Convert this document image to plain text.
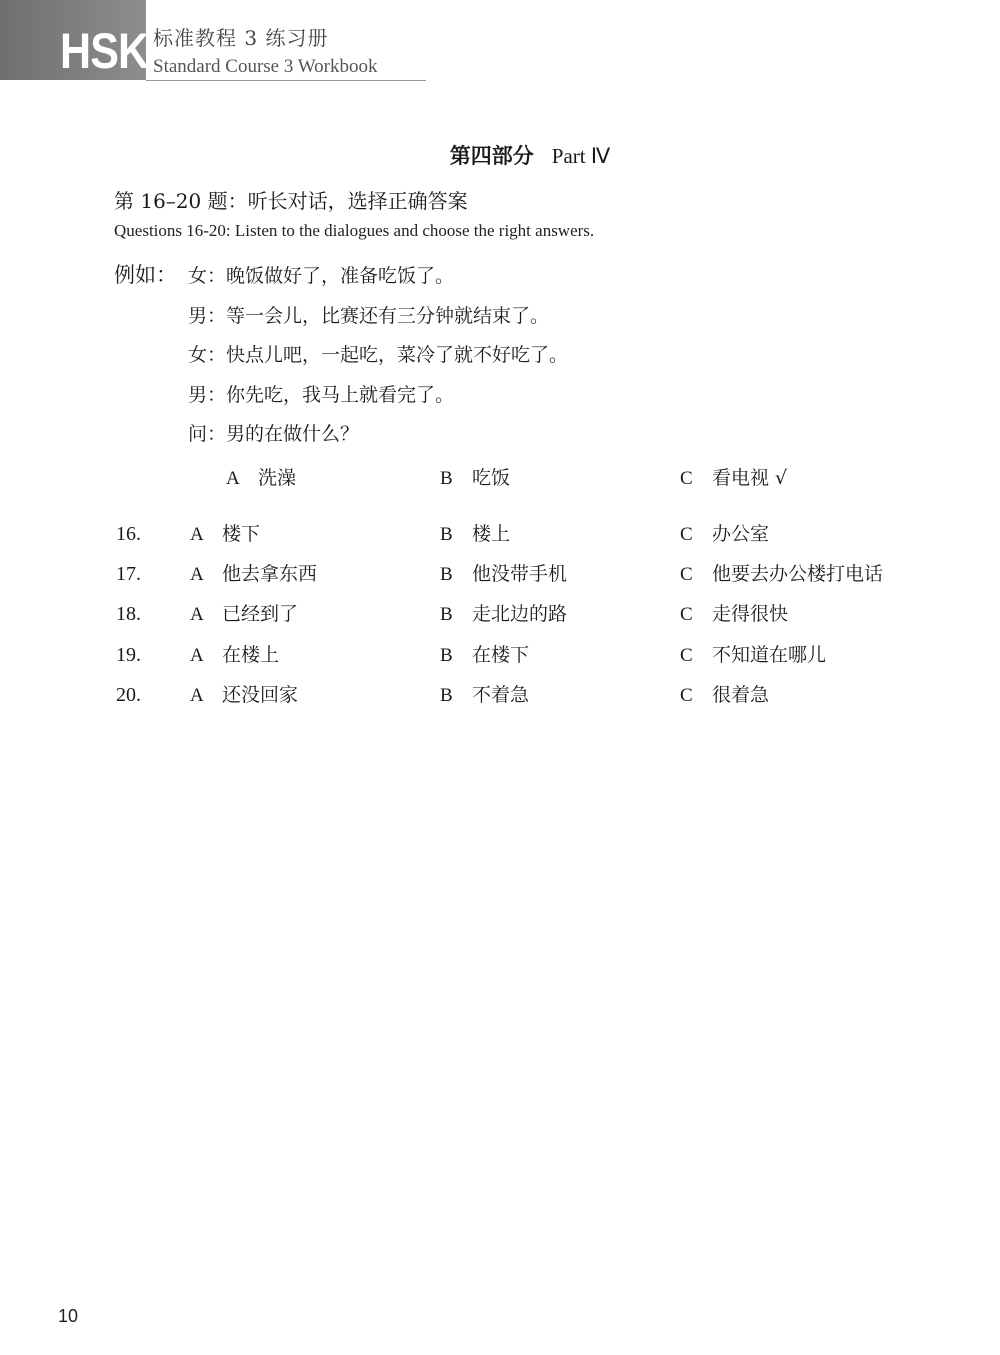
HSK 标准教程 3 练习册
Standard Course 3 Workbook
第四部分 Part Ⅳ
第 16–20 题：听长对话，选择正确答案
Questions 16-20: Listen to the dialogues and choose the right answers.
例如： 女：晚饭做好了，准备吃饭了。
男：等一会儿，比赛还有三分钟就结束了。
女：快点儿吧，一起吃，菜冷了就不好吃了。
男：你先吃，我马上就看完了。
问：男的在做什么？
A 洗澡	B 吃饭	C 看电视 √
16.	A 楼下	B 楼上	C 办公室
17.	A 他去拿东西	B 他没带手机	C 他要去办公楼打电话
18.	A 已经到了	B 走北边的路	C 走得很快
19.	A 在楼上	B 在楼下	C 不知道在哪儿
20.	A 还没回家	B 不着急	C 很着急
10
